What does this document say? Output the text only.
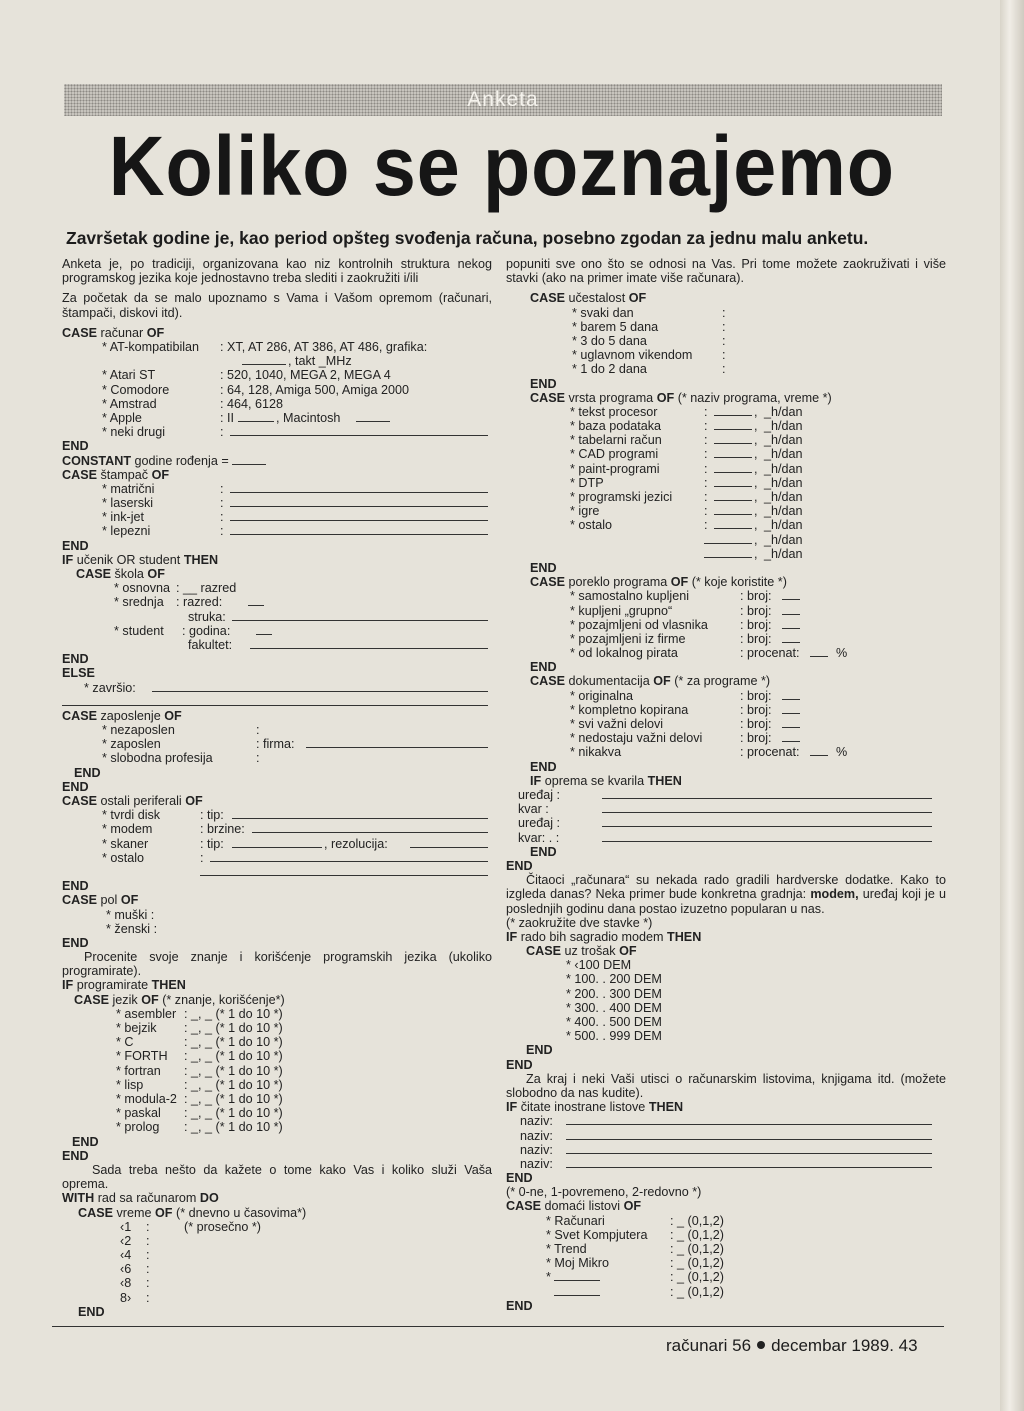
Anketa
Koliko se poznajemo
Završetak godine je, kao period opšteg svođenja računa, posebno zgodan za jednu malu anketu.
Anketa je, po tradiciji, organizovana kao niz kontrolnih struktura nekog programskog jezika koje jednostavno treba slediti i zaokružiti i/ili
Za početak da se malo upoznamo s Vama i Vašom opremom (računari, štampači, diskovi itd).
CASE računar OF
* AT-kompatibilan : XT, AT 286, AT 386, AT 486, grafika:
, takt _MHz
* Atari ST	: 520, 1040, MEGA 2, MEGA 4
* Comodore	: 64, 128, Amiga 500, Amiga 2000
* Amstrad	: 464, 6128
* Apple	: II	, Macintosh
* neki drugi	:
END
CONSTANT godine rođenja =
CASE štampač OF
* matrični	:
* laserski	:
* ink-jet	:
* lepezni	:
END
IF učenik OR student THEN
CASE škola OF
* osnovna : __ razred
* srednja : razred:
struka:
* student : godina:
fakultet:
END
ELSE
* završio:
CASE zaposlenje OF
* nezaposlen	:
* zaposlen	: firma:
* slobodna profesija	:
END
END
CASE ostali periferali OF
* tvrdi disk	: tip:
* modem	: brzine:
* skaner	: tip:	, rezolucija:
* ostalo	:
END
CASE pol OF
* muški :
* ženski :
END
Procenite svoje znanje i korišćenje programskih jezika (ukoliko programirate).
IF programirate THEN
CASE jezik OF (* znanje, korišćenje*)
* asembler : _, _ (* 1 do 10 *)
* bejzik : _, _ (* 1 do 10 *)
* C	: _, _ (* 1 do 10 *)
* FORTH : _, _ (* 1 do 10 *)
* fortran : _, _ (* 1 do 10 *)
* lisp	: _, _ (* 1 do 10 *)
* modula-2 : _, _ (* 1 do 10 *)
* paskal : _, _ (* 1 do 10 *)
* prolog : _, _ (* 1 do 10 *)
END
END
Sada treba nešto da kažete o tome kako Vas i koliko služi Vaša oprema.
WITH rad sa računarom DO
CASE vreme OF (* dnevno u časovima*)
‹1 :	(* prosečno *)
‹2 :
‹4 :
‹6 :
‹8 :
8› :
END
popuniti sve ono što se odnosi na Vas. Pri tome možete zaokruživati i više stavki (ako na primer imate više računara).
CASE učestalost OF
* svaki dan	:
* barem 5 dana	:
* 3 do 5 dana	:
* uglavnom vikendom :
* 1 do 2 dana	:
END
CASE vrsta programa OF (* naziv programa, vreme *)
* tekst procesor	:	, _h/dan
* baza podataka	:	, _h/dan
* tabelarni račun	:	, _h/dan
* CAD programi	:	, _h/dan
* paint-programi	:	, _h/dan
* DTP	:	, _h/dan
* programski jezici	:	, _h/dan
* igre	:	, _h/dan
* ostalo	:	, _h/dan
, _h/dan
, _h/dan
END
CASE poreklo programa OF (* koje koristite *)
* samostalno kupljeni	: broj:
* kupljeni „grupno“	: broj:
* pozajmljeni od vlasnika	: broj:
* pozajmljeni iz firme	: broj:
* od lokalnog pirata	: procenat:	%
END
CASE dokumentacija OF (* za programe *)
* originalna	: broj:
* kompletno kopirana	: broj:
* svi važni delovi	: broj:
* nedostaju važni delovi	: broj:
* nikakva	: procenat:	%
END
IF oprema se kvarila THEN
uređaj :
kvar :
uređaj :
kvar: . :
END
END
Čitaoci „računara“ su nekada rado gradili hardverske dodatke. Kako to izgleda danas? Neka primer bude konkretna gradnja: modem, uređaj koji je u poslednjih godinu dana postao izuzetno popularan u nas.
(* zaokružite dve stavke *)
IF rado bih sagradio modem THEN
CASE uz trošak OF
* ‹100 DEM
* 100. . 200 DEM
* 200. . 300 DEM
* 300. . 400 DEM
* 400. . 500 DEM
* 500. . 999 DEM
END
END
Za kraj i neki Vaši utisci o računarskim listovima, knjigama itd. (možete slobodno da nas kudite).
IF čitate inostrane listove THEN
naziv:
naziv:
naziv:
naziv:
END
(* 0-ne, 1-povremeno, 2-redovno *)
CASE domaći listovi OF
* Računari	: _ (0,1,2)
* Svet Kompjutera : _ (0,1,2)
* Trend	: _ (0,1,2)
* Moj Mikro	: _ (0,1,2)
*	: _ (0,1,2)
: _ (0,1,2)
END
računari 56 decembar 1989. 43
